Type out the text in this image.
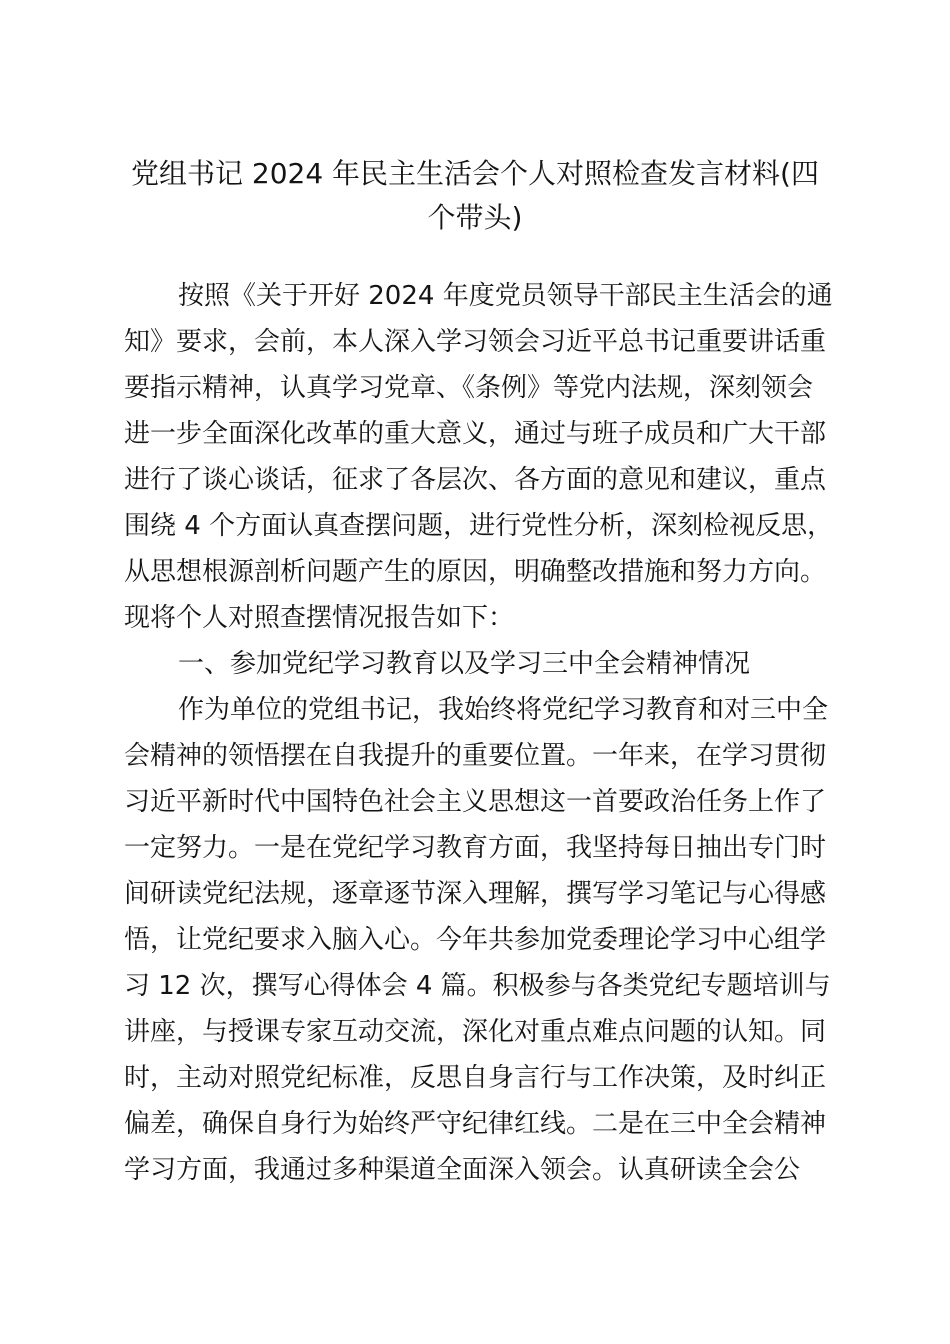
党组书记 2024 年民主生活会个人对照检查发言材料(四
个带头)
按照《关于开好 2024 年度党员领导干部民主生活会的通
知》要求，会前，本人深入学习领会习近平总书记重要讲话重
要指示精神，认真学习党章、《条例》等党内法规，深刻领会
进一步全面深化改革的重大意义，通过与班子成员和广大干部
进行了谈心谈话，征求了各层次、各方面的意见和建议，重点
围绕 4 个方面认真查摆问题，进行党性分析，深刻检视反思，
从思想根源剖析问题产生的原因，明确整改措施和努力方向。
现将个人对照查摆情况报告如下：
一、参加党纪学习教育以及学习三中全会精神情况
作为单位的党组书记，我始终将党纪学习教育和对三中全
会精神的领悟摆在自我提升的重要位置。一年来，在学习贯彻
习近平新时代中国特色社会主义思想这一首要政治任务上作了
一定努力。一是在党纪学习教育方面，我坚持每日抽出专门时
间研读党纪法规，逐章逐节深入理解，撰写学习笔记与心得感
悟，让党纪要求入脑入心。今年共参加党委理论学习中心组学
习 12 次，撰写心得体会 4 篇。积极参与各类党纪专题培训与
讲座，与授课专家互动交流，深化对重点难点问题的认知。同
时，主动对照党纪标准，反思自身言行与工作决策，及时纠正
偏差，确保自身行为始终严守纪律红线。二是在三中全会精神
学习方面，我通过多种渠道全面深入领会。认真研读全会公
